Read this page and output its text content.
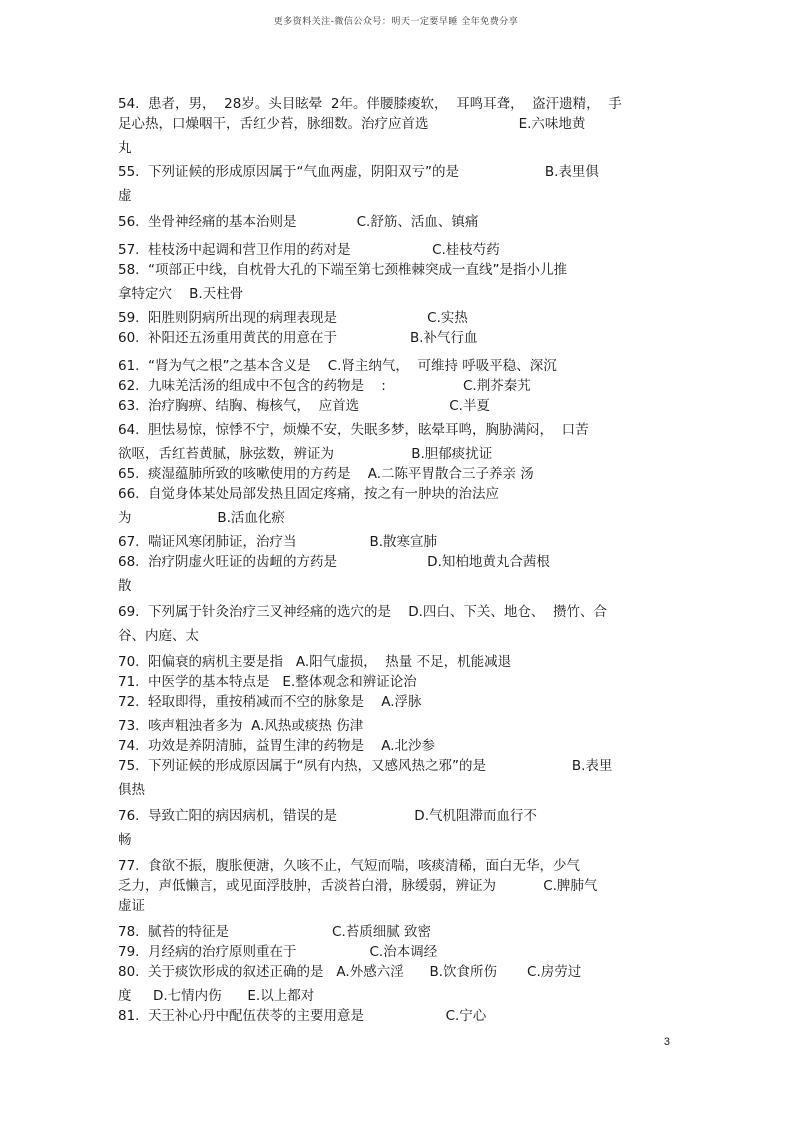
更多资料关注-微信公众号：明天一定要早睡 全年免费分享
54.  患者，男，  28岁。头目眩晕  2年。伴腰膝痠软，  耳鸣耳聋，  盗汗遗精，  手
足心热，口燥咽干，舌红少苔，脉细数。治疗应首选                     E.六味地黄
丸
55.  下列证候的形成原因属于“气血两虚，阴阳双亏”的是                    B.表里俱
虚
56.  坐骨神经痛的基本治则是              C.舒筋、活血、镇痛
57.  桂枝汤中起调和营卫作用的药对是                   C.桂枝芍药
58.  “项部正中线，自枕骨大孔的下端至第七颈椎棘突成一直线”是指小儿推
拿特定穴    B.天柱骨
59.  阳胜则阴病所出现的病理表现是                     C.实热
60.  补阳还五汤重用黄芪的用意在于                 B.补气行血
61.  “肾为气之根”之基本含义是    C.肾主纳气，  可维持 呼吸平稳、深沉
62.  九味羌活汤的组成中不包含的药物是    :                  C.荆芥秦艽
63.  治疗胸痹、结胸、梅核气，  应首选                     C.半夏
64.  胆怯易惊，惊悸不宁，烦燥不安，失眠多梦，眩晕耳鸣，胸胁满闷，  口苦
欲呕，舌红苔黄腻，脉弦数，辨证为                  B.胆郁痰扰证
65.  痰湿蕴肺所致的咳嗽使用的方药是    A.二陈平胃散合三子养亲 汤
66.  自觉身体某处局部发热且固定疼痛，按之有一肿块的治法应
为                    B.活血化瘀
67.  喘证风寒闭肺证，治疗当                 B.散寒宣肺
68.  治疗阴虚火旺证的齿衄的方药是                     D.知柏地黄丸合茜根
散
69.  下列属于针灸治疗三叉神经痛的选穴的是    D.四白、下关、地仓、  攒竹、合
谷、内庭、太
70.  阳偏衰的病机主要是指   A.阳气虚损，  热量 不足，机能减退
71.  中医学的基本特点是   E.整体观念和辨证论治
72.  轻取即得，重按稍减而不空的脉象是    A.浮脉
73.  咳声粗浊者多为  A.风热或痰热 伤津
74.  功效是养阴清肺，益胃生津的药物是    A.北沙参
75.  下列证候的形成原因属于“夙有内热，又感风热之邪”的是                    B.表里
俱热
76.  导致亡阳的病因病机，错误的是                  D.气机阻滞而血行不
畅
77.  食欲不振，腹胀便溏，久咳不止，气短而喘，咳痰清稀，面白无华，少气
乏力，声低懒言，或见面浮肢肿，舌淡苔白滑，脉缓弱，辨证为           C.脾肺气
虚证
78.  腻苔的特征是                        C.苔质细腻 致密
79.  月经病的治疗原则重在于                 C.治本调经
80.  关于痰饮形成的叙述正确的是   A.外感六淫      B.饮食所伤       C.房劳过
度     D.七情内伤      E.以上都对
81.  天王补心丹中配伍茯苓的主要用意是                   C.宁心
3
